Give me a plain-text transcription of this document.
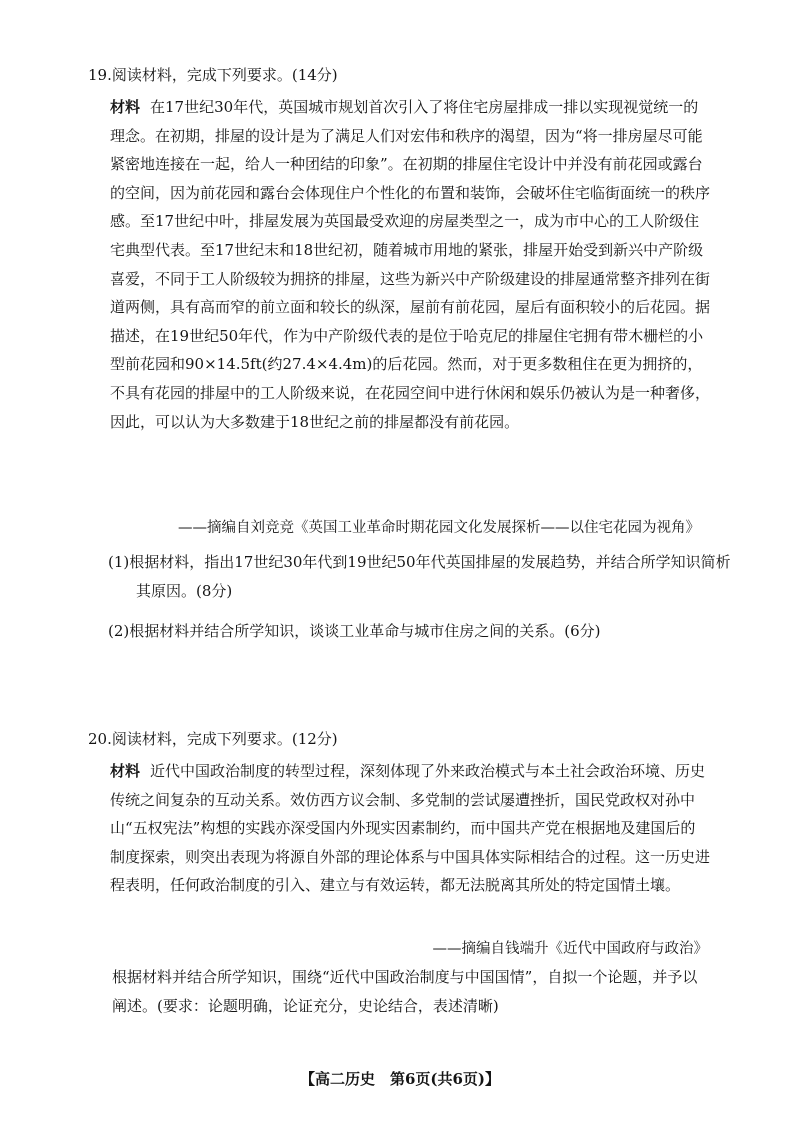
19.阅读材料，完成下列要求。(14分)

材料 在17世纪30年代，英国城市规划首次引入了将住宅房屋排成一排以实现视觉统一的理念。在初期，排屋的设计是为了满足人们对宏伟和秩序的渴望，因为“将一排房屋尽可能紧密地连接在一起，给人一种团结的印象”。在初期的排屋住宅设计中并没有前花园或露台的空间，因为前花园和露台会体现住户个性化的布置和装饰，会破坏住宅临街面统一的秩序感。至17世纪中叶，排屋发展为英国最受欢迎的房屋类型之一，成为市中心的工人阶级住宅典型代表。至17世纪末和18世纪初，随着城市用地的紧张，排屋开始受到新兴中产阶级喜爱，不同于工人阶级较为拥挤的排屋，这些为新兴中产阶级建设的排屋通常整齐排列在街道两侧，具有高而窄的前立面和较长的纵深，屋前有前花园，屋后有面积较小的后花园。据描述，在19世纪50年代，作为中产阶级代表的是位于哈克尼的排屋住宅拥有带木栅栏的小型前花园和90×14.5ft(约27.4×4.4m)的后花园。然而，对于更多数租住在更为拥挤的，不具有花园的排屋中的工人阶级来说，在花园空间中进行休闲和娱乐仍被认为是一种奢侈，因此，可以认为大多数建于18世纪之前的排屋都没有前花园。

——摘编自刘竞竞《英国工业革命时期花园文化发展探析——以住宅花园为视角》

(1)根据材料，指出17世纪30年代到19世纪50年代英国排屋的发展趋势，并结合所学知识简析其原因。(8分)

(2)根据材料并结合所学知识，谈谈工业革命与城市住房之间的关系。(6分)

20.阅读材料，完成下列要求。(12分)

材料 近代中国政治制度的转型过程，深刻体现了外来政治模式与本土社会政治环境、历史传统之间复杂的互动关系。效仿西方议会制、多党制的尝试屡遭挫折，国民党政权对孙中山“五权宪法”构想的实践亦深受国内外现实因素制约，而中国共产党在根据地及建国后的制度探索，则突出表现为将源自外部的理论体系与中国具体实际相结合的过程。这一历史进程表明，任何政治制度的引入、建立与有效运转，都无法脱离其所处的特定国情土壤。

——摘编自钱端升《近代中国政府与政治》

根据材料并结合所学知识，围绕“近代中国政治制度与中国国情”，自拟一个论题，并予以阐述。(要求：论题明确，论证充分，史论结合，表述清晰)

【高二历史　第6页(共6页)】
